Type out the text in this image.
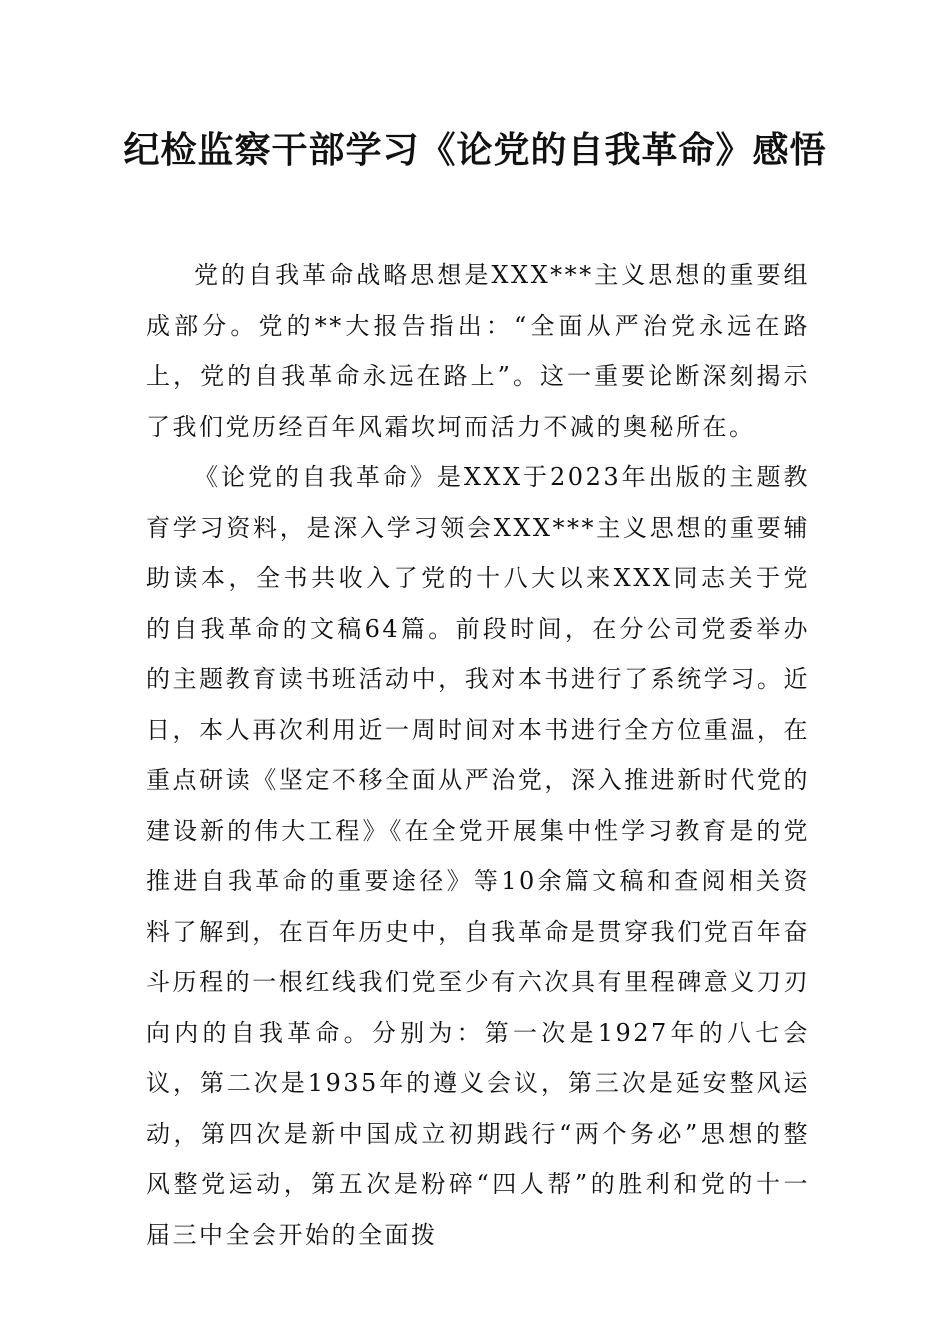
纪检监察干部学习《论党的自我革命》感悟

党的自我革命战略思想是XXX***主义思想的重要组成部分。党的**大报告指出：“全面从严治党永远在路上，党的自我革命永远在路上”。这一重要论断深刻揭示了我们党历经百年风霜坎坷而活力不减的奥秘所在。

《论党的自我革命》是XXX于2023年出版的主题教育学习资料，是深入学习领会XXX***主义思想的重要辅助读本，全书共收入了党的十八大以来XXX同志关于党的自我革命的文稿64篇。前段时间，在分公司党委举办的主题教育读书班活动中，我对本书进行了系统学习。近日，本人再次利用近一周时间对本书进行全方位重温，在重点研读《坚定不移全面从严治党，深入推进新时代党的建设新的伟大工程》《在全党开展集中性学习教育是的党推进自我革命的重要途径》等10余篇文稿和查阅相关资料了解到，在百年历史中，自我革命是贯穿我们党百年奋斗历程的一根红线我们党至少有六次具有里程碑意义刀刃向内的自我革命。分别为：第一次是1927年的八七会议，第二次是1935年的遵义会议，第三次是延安整风运动，第四次是新中国成立初期践行“两个务必”思想的整风整党运动，第五次是粉碎“四人帮”的胜利和党的十一届三中全会开始的全面拨
